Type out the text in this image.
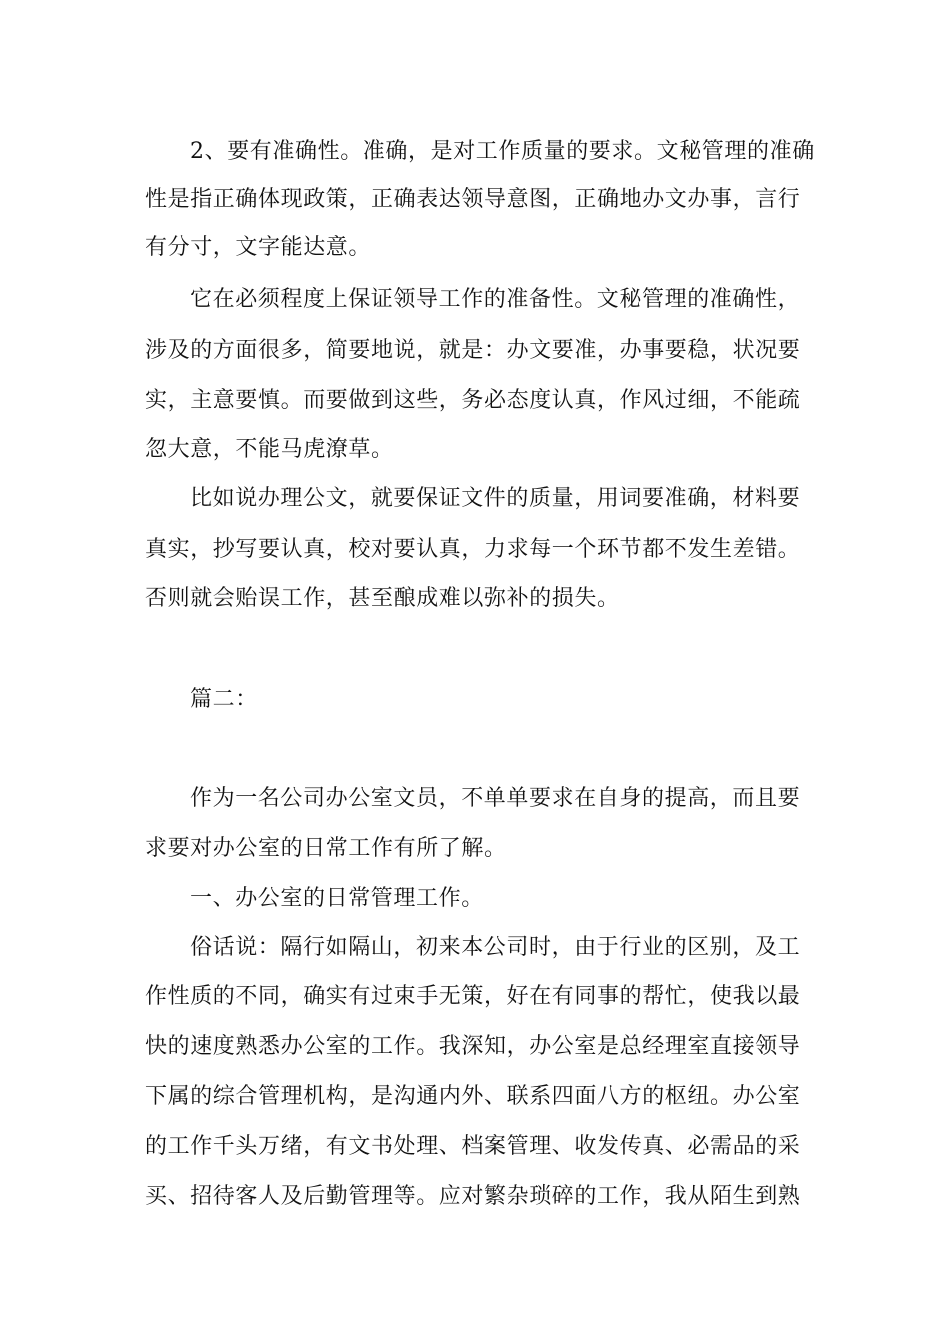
2、要有准确性。准确，是对工作质量的要求。文秘管理的准确
性是指正确体现政策，正确表达领导意图，正确地办文办事，言行
有分寸，文字能达意。
它在必须程度上保证领导工作的准备性。文秘管理的准确性，
涉及的方面很多，简要地说，就是：办文要准，办事要稳，状况要
实，主意要慎。而要做到这些，务必态度认真，作风过细，不能疏
忽大意，不能马虎潦草。
比如说办理公文，就要保证文件的质量，用词要准确，材料要
真实，抄写要认真，校对要认真，力求每一个环节都不发生差错。
否则就会贻误工作，甚至酿成难以弥补的损失。
篇二：
作为一名公司办公室文员，不单单要求在自身的提高，而且要
求要对办公室的日常工作有所了解。
一、办公室的日常管理工作。
俗话说：隔行如隔山，初来本公司时，由于行业的区别，及工
作性质的不同，确实有过束手无策，好在有同事的帮忙，使我以最
快的速度熟悉办公室的工作。我深知，办公室是总经理室直接领导
下属的综合管理机构，是沟通内外、联系四面八方的枢纽。办公室
的工作千头万绪，有文书处理、档案管理、收发传真、必需品的采
买、招待客人及后勤管理等。应对繁杂琐碎的工作，我从陌生到熟
